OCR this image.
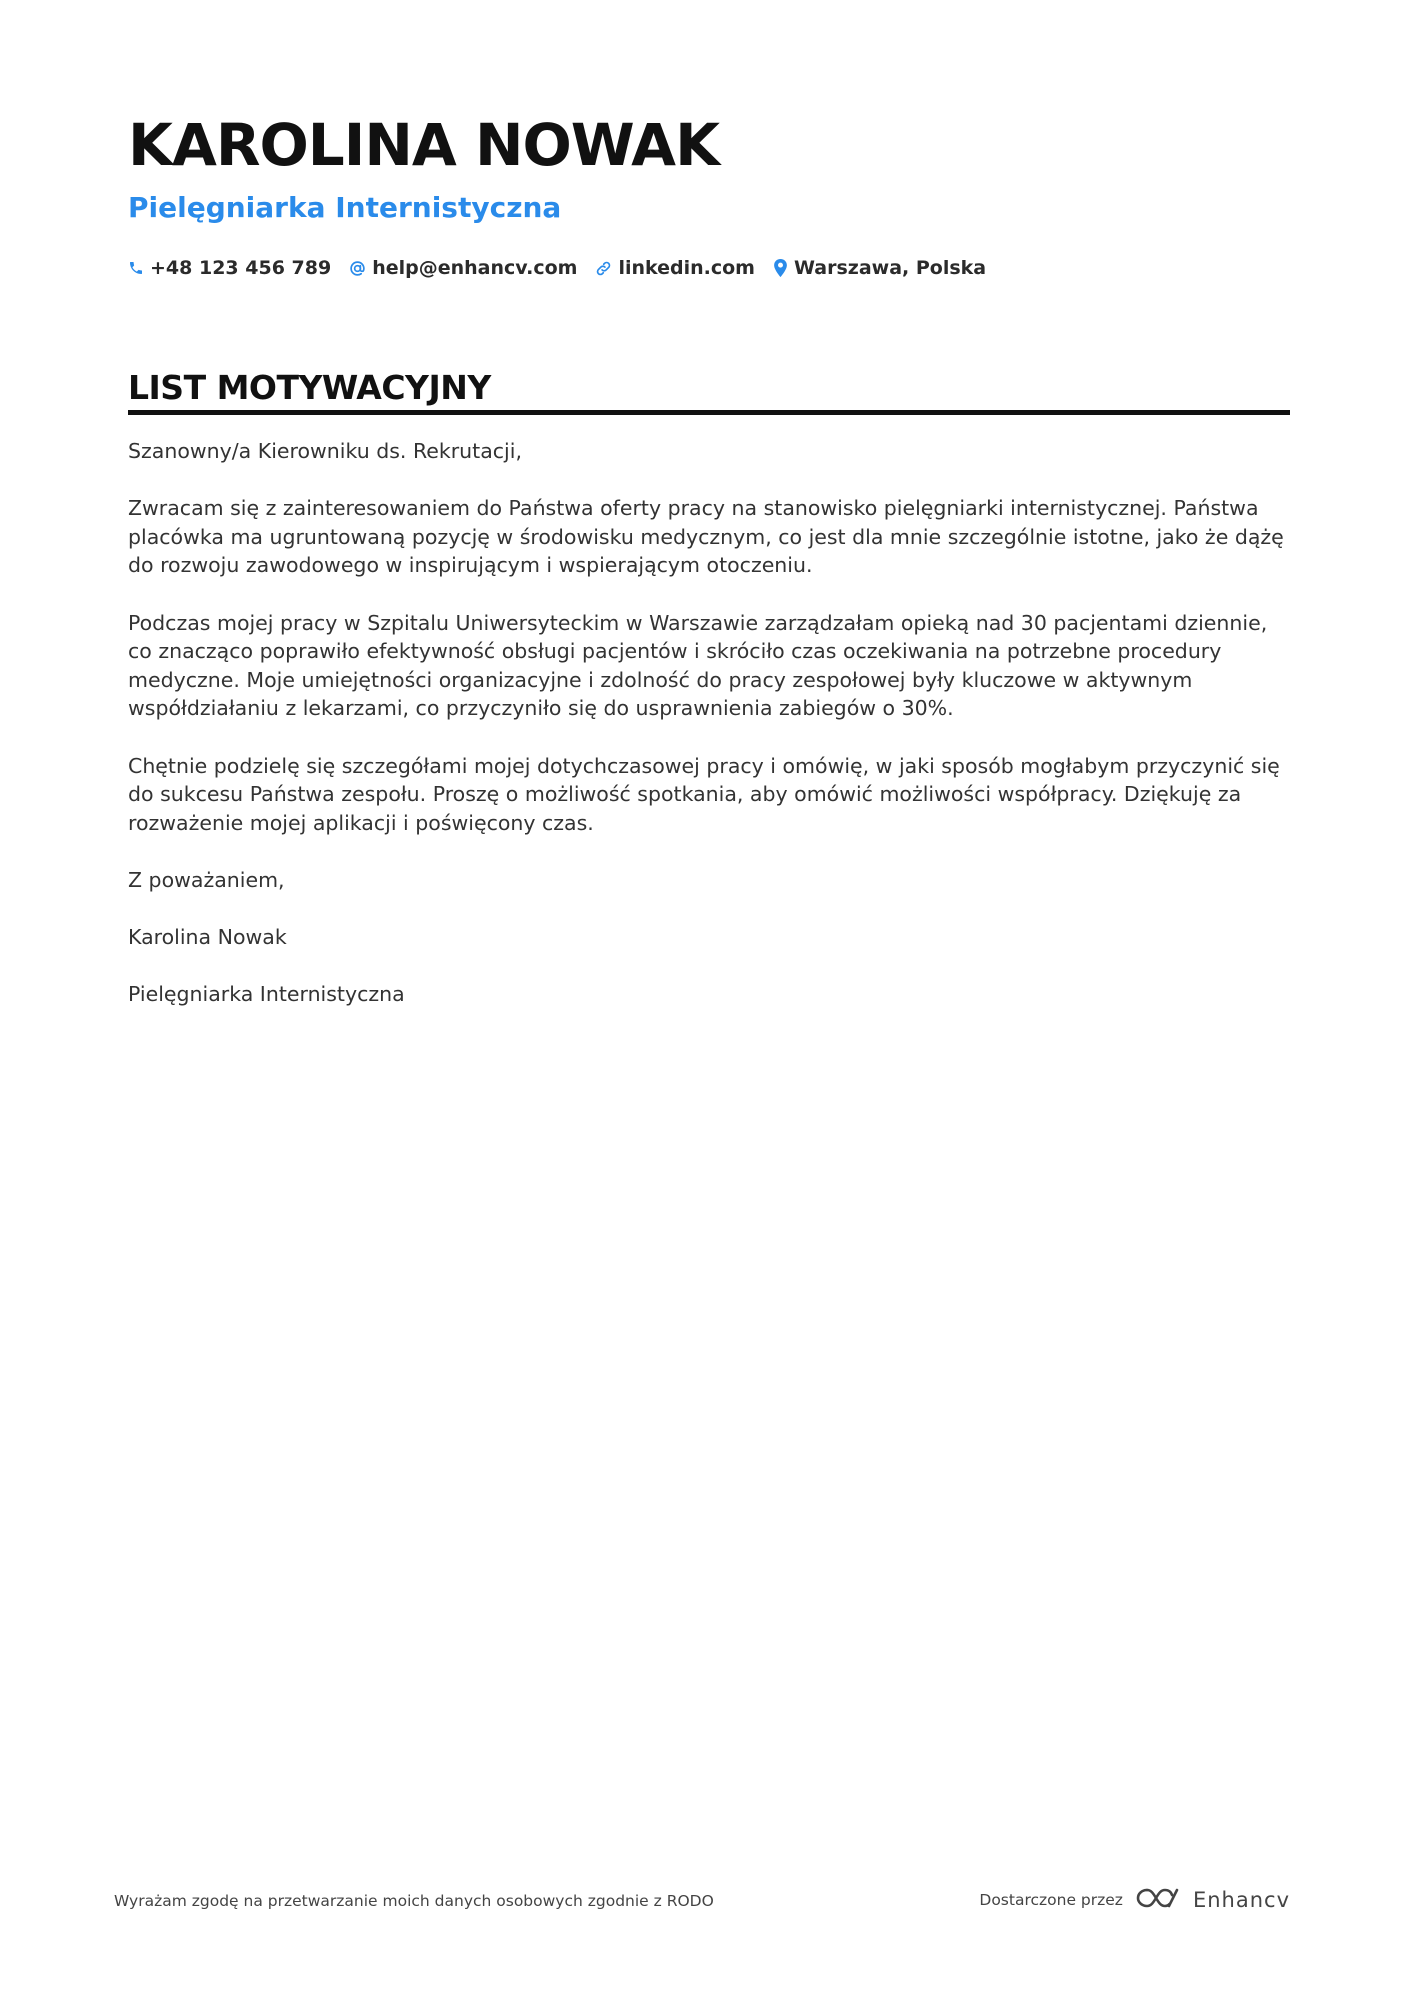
KAROLINA NOWAK
Pielęgniarka Internistyczna
+48 123 456 789 help@enhancv.com linkedin.com Warszawa, Polska
LIST MOTYWACYJNY

Szanowny/a Kierowniku ds. Rekrutacji,

Zwracam się z zainteresowaniem do Państwa oferty pracy na stanowisko pielęgniarki internistycznej. Państwa placówka ma ugruntowaną pozycję w środowisku medycznym, co jest dla mnie szczególnie istotne, jako że dążę do rozwoju zawodowego w inspirującym i wspierającym otoczeniu.

Podczas mojej pracy w Szpitalu Uniwersyteckim w Warszawie zarządzałam opieką nad 30 pacjentami dziennie, co znacząco poprawiło efektywność obsługi pacjentów i skróciło czas oczekiwania na potrzebne procedury medyczne. Moje umiejętności organizacyjne i zdolność do pracy zespołowej były kluczowe w aktywnym współdziałaniu z lekarzami, co przyczyniło się do usprawnienia zabiegów o 30%.

Chętnie podzielę się szczegółami mojej dotychczasowej pracy i omówię, w jaki sposób mogłabym przyczynić się do sukcesu Państwa zespołu. Proszę o możliwość spotkania, aby omówić możliwości współpracy. Dziękuję za rozważenie mojej aplikacji i poświęcony czas.

Z poważaniem,

Karolina Nowak

Pielęgniarka Internistyczna

Wyrażam zgodę na przetwarzanie moich danych osobowych zgodnie z RODO	Dostarczone przez	Enhancv
